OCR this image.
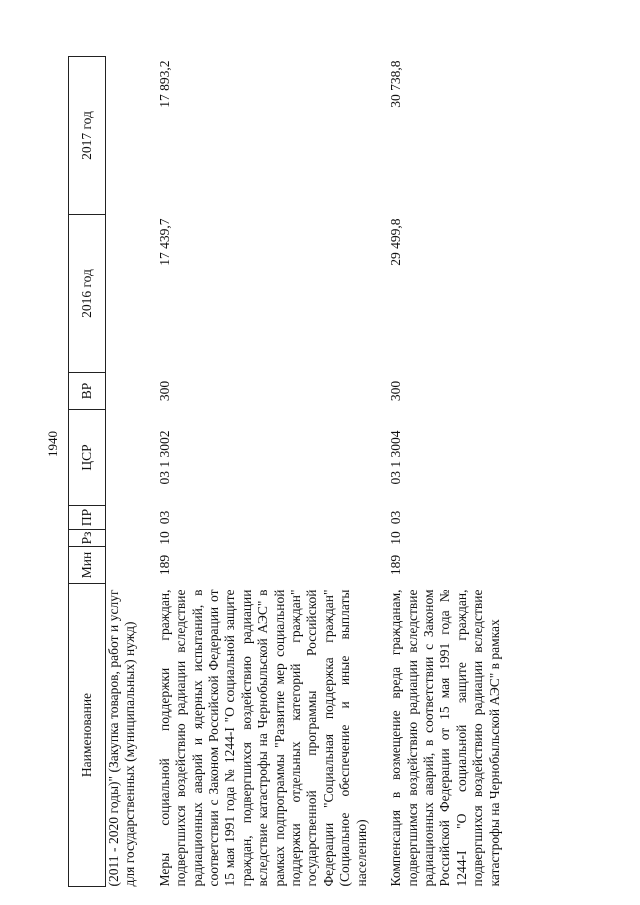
1940
Наименование	Мин	Рз	ПР	ЦСР	ВР	2016 год	2017 год
(2011 - 2020 годы)" (Закупка товаров, работ и услуг для государственных (муниципальных) нужд)							

Меры социальной поддержки граждан, подвергшихся воздействию радиации вследствие радиационных аварий и ядерных испытаний, в соответствии с Законом Российской Федерации от 15 мая 1991 года № 1244-I "О социальной защите граждан, подвергшихся воздействию радиации вследствие катастрофы на Чернобыльской АЭС" в рамках подпрограммы "Развитие мер социальной поддержки отдельных категорий граждан" государственной программы Российской Федерации "Социальная поддержка граждан" (Социальное обеспечение и иные выплаты населению)	189	10	03	03 1 3002	300	17 439,7	17 893,2

Компенсация в возмещение вреда гражданам, подвергшимся воздействию радиации вследствие радиационных аварий, в соответствии с Законом Российской Федерации от 15 мая 1991 года № 1244-I "О социальной защите граждан, подвергшихся воздействию радиации вследствие катастрофы на Чернобыльской АЭС" в рамках	189	10	03	03 1 3004	300	29 499,8	30 738,8
